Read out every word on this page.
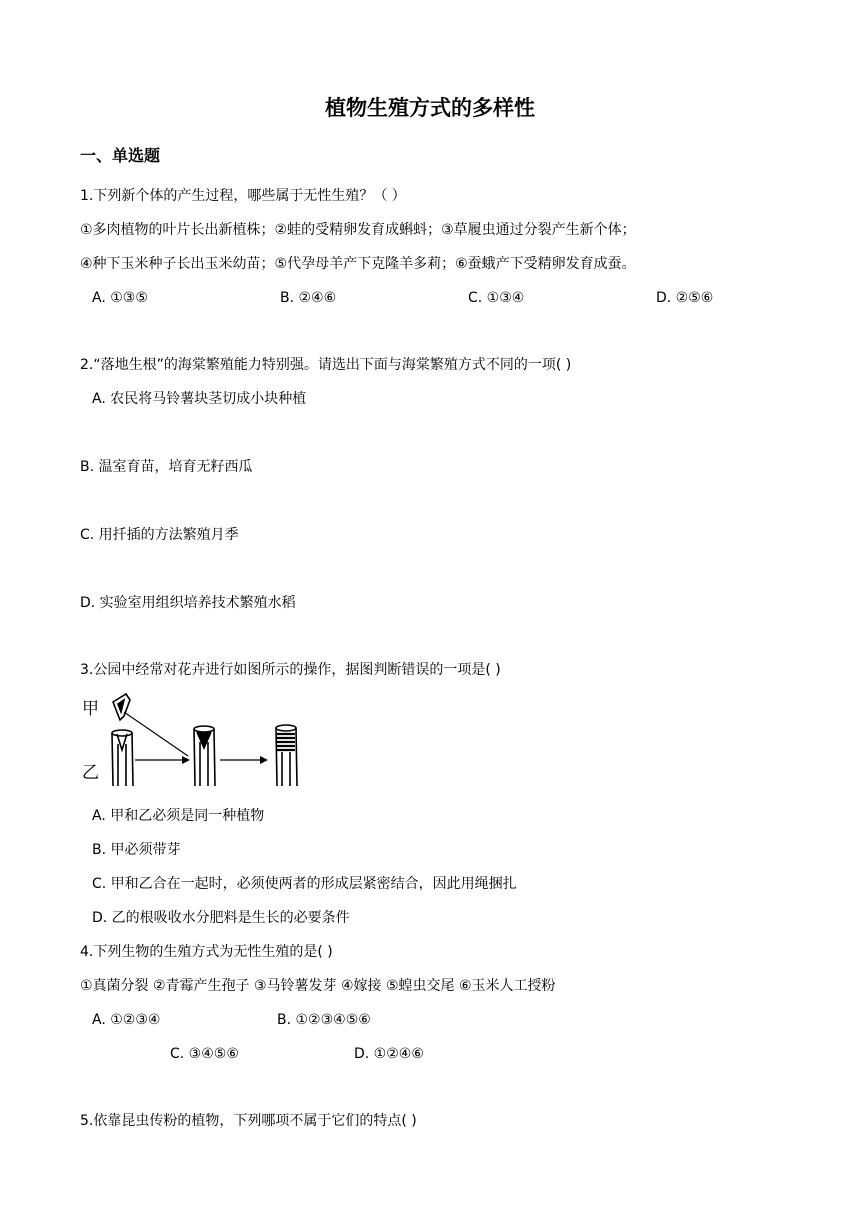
植物生殖方式的多样性
一、单选题
1.下列新个体的产生过程，哪些属于无性生殖？（ ）
①多肉植物的叶片长出新植株；②蛙的受精卵发育成蝌蚪；③草履虫通过分裂产生新个体；
④种下玉米种子长出玉米幼苗；⑤代孕母羊产下克隆羊多莉；⑥蚕蛾产下受精卵发育成蚕。
A. ①③⑤	B. ②④⑥	C. ①③④	D. ②⑤⑥
2.“落地生根”的海棠繁殖能力特别强。请选出下面与海棠繁殖方式不同的一项( )
A. 农民将马铃薯块茎切成小块种植
B. 温室育苗，培育无籽西瓜
C. 用扦插的方法繁殖月季
D. 实验室用组织培养技术繁殖水稻
3.公园中经常对花卉进行如图所示的操作，据图判断错误的一项是( )
甲
乙
A. 甲和乙必须是同一种植物
B. 甲必须带芽
C. 甲和乙合在一起时，必须使两者的形成层紧密结合，因此用绳捆扎
D. 乙的根吸收水分肥料是生长的必要条件
4.下列生物的生殖方式为无性生殖的是( )
①真菌分裂 ②青霉产生孢子 ③马铃薯发芽 ④嫁接 ⑤蝗虫交尾 ⑥玉米人工授粉
A. ①②③④	B. ①②③④⑤⑥
C. ③④⑤⑥	D. ①②④⑥
5.依靠昆虫传粉的植物，下列哪项不属于它们的特点( )
